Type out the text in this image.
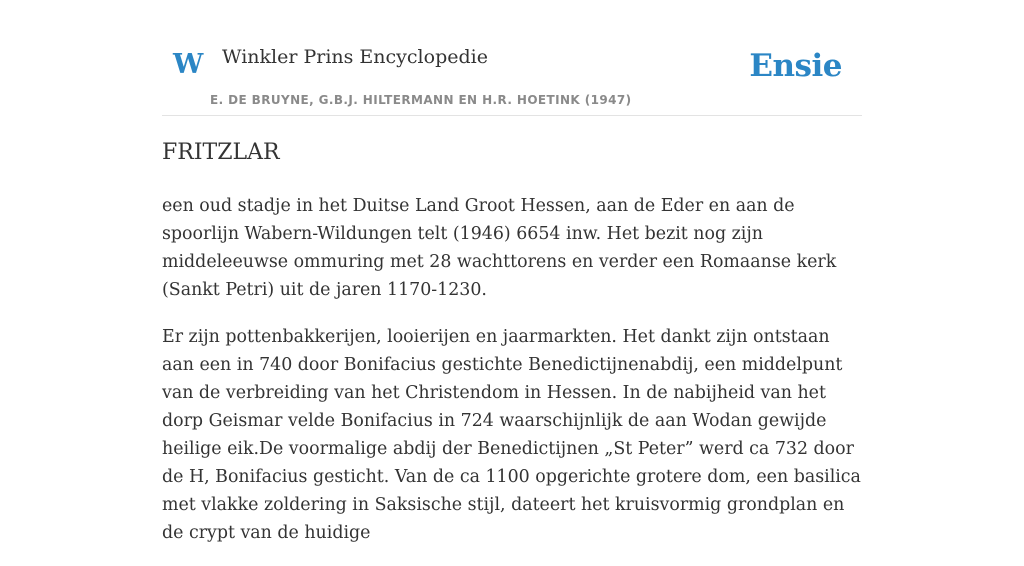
W Winkler Prins Encyclopedie
E. DE BRUYNE, G.B.J. HILTERMANN EN H.R. HOETINK (1947)
Ensie
FRITZLAR

een oud stadje in het Duitse Land Groot Hessen, aan de Eder en aan de spoorlijn Wabern-Wildungen telt (1946) 6654 inw. Het bezit nog zijn middeleeuwse ommuring met 28 wachttorens en verder een Romaanse kerk (Sankt Petri) uit de jaren 1170-1230.

Er zijn pottenbakkerijen, looierijen en jaarmarkten. Het dankt zijn ontstaan aan een in 740 door Bonifacius gestichte Benedictijnenabdij, een middelpunt van de verbreiding van het Christendom in Hessen. In de nabijheid van het dorp Geismar velde Bonifacius in 724 waarschijnlijk de aan Wodan gewijde heilige eik.De voormalige abdij der Benedictijnen „St Peter” werd ca 732 door de H, Bonifacius gesticht. Van de ca 1100 opgerichte grotere dom, een basilica met vlakke zoldering in Saksische stijl, dateert het kruisvormig grondplan en de crypt van de huidige
